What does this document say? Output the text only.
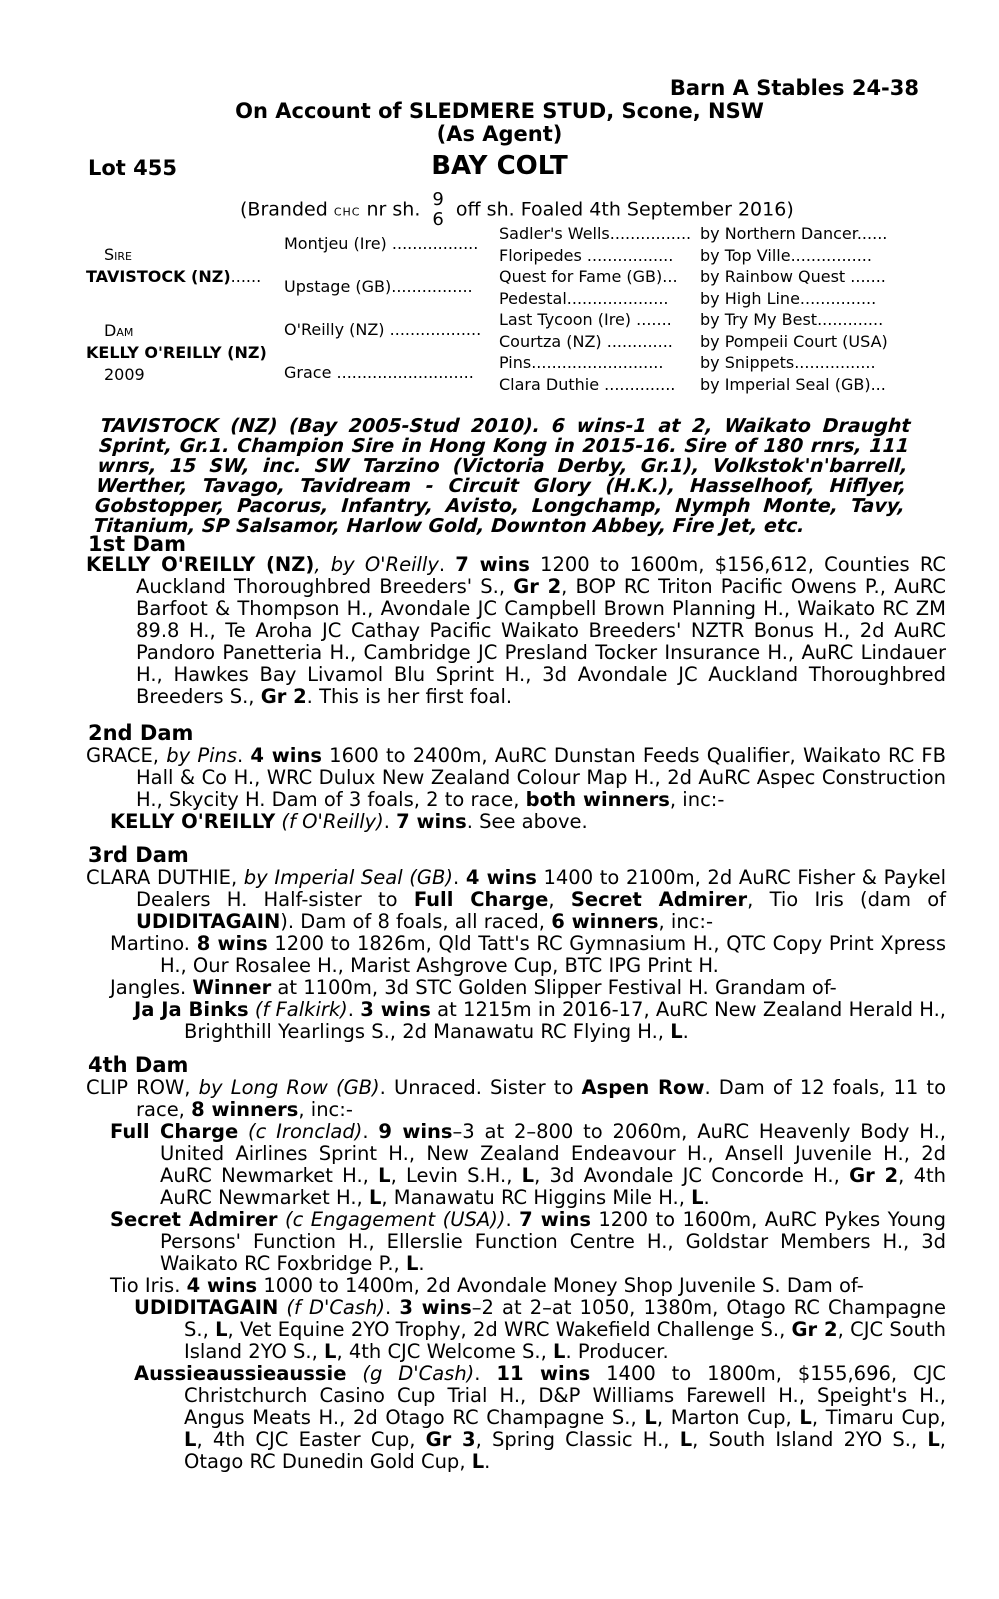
Barn A Stables 24-38
On Account of SLEDMERE STUD, Scone, NSW
(As Agent)
Lot 455	BAY COLT
(Branded CHC nr sh. 9
6 off sh. Foaled 4th September 2016)
Sire
TAVISTOCK (NZ)......
Dam
KELLY O'REILLY (NZ)
2009
Montjeu (Ire) .................
Upstage (GB)................
O'Reilly (NZ) ..................
Grace ...........................
Sadler's Wells................
Floripedes .................
Quest for Fame (GB)...
Pedestal....................
Last Tycoon (Ire) .......
Courtza (NZ) .............
Pins..........................
Clara Duthie ..............
by Northern Dancer......
by Top Ville................
by Rainbow Quest .......
by High Line...............
by Try My Best.............
by Pompeii Court (USA)
by Snippets................
by Imperial Seal (GB)...
TAVISTOCK (NZ) (Bay 2005-Stud 2010). 6 wins-1 at 2, Waikato Draught Sprint, Gr.1. Champion Sire in Hong Kong in 2015-16. Sire of 180 rnrs, 111 wnrs, 15 SW, inc. SW Tarzino (Victoria Derby, Gr.1), Volkstok'n'barrell, Werther, Tavago, Tavidream - Circuit Glory (H.K.), Hasselhoof, Hiflyer, Gobstopper, Pacorus, Infantry, Avisto, Longchamp, Nymph Monte, Tavy, Titanium, SP Salsamor, Harlow Gold, Downton Abbey, Fire Jet, etc.
1st Dam
KELLY O'REILLY (NZ), by O'Reilly. 7 wins 1200 to 1600m, $156,612, Counties RC Auckland Thoroughbred Breeders' S., Gr 2, BOP RC Triton Pacific Owens P., AuRC Barfoot & Thompson H., Avondale JC Campbell Brown Planning H., Waikato RC ZM 89.8 H., Te Aroha JC Cathay Pacific Waikato Breeders' NZTR Bonus H., 2d AuRC Pandoro Panetteria H., Cambridge JC Presland Tocker Insurance H., AuRC Lindauer H., Hawkes Bay Livamol Blu Sprint H., 3d Avondale JC Auckland Thoroughbred Breeders S., Gr 2. This is her first foal.
2nd Dam
GRACE, by Pins. 4 wins 1600 to 2400m, AuRC Dunstan Feeds Qualifier, Waikato RC FB Hall & Co H., WRC Dulux New Zealand Colour Map H., 2d AuRC Aspec Construction H., Skycity H. Dam of 3 foals, 2 to race, both winners, inc:-
KELLY O'REILLY (f O'Reilly). 7 wins. See above.
3rd Dam
CLARA DUTHIE, by Imperial Seal (GB). 4 wins 1400 to 2100m, 2d AuRC Fisher & Paykel Dealers H. Half-sister to Full Charge, Secret Admirer, Tio Iris (dam of UDIDITAGAIN). Dam of 8 foals, all raced, 6 winners, inc:-
Martino. 8 wins 1200 to 1826m, Qld Tatt's RC Gymnasium H., QTC Copy Print Xpress H., Our Rosalee H., Marist Ashgrove Cup, BTC IPG Print H.
Jangles. Winner at 1100m, 3d STC Golden Slipper Festival H. Grandam of-
Ja Ja Binks (f Falkirk). 3 wins at 1215m in 2016-17, AuRC New Zealand Herald H., Brighthill Yearlings S., 2d Manawatu RC Flying H., L.
4th Dam
CLIP ROW, by Long Row (GB). Unraced. Sister to Aspen Row. Dam of 12 foals, 11 to race, 8 winners, inc:-
Full Charge (c Ironclad). 9 wins–3 at 2–800 to 2060m, AuRC Heavenly Body H., United Airlines Sprint H., New Zealand Endeavour H., Ansell Juvenile H., 2d AuRC Newmarket H., L, Levin S.H., L, 3d Avondale JC Concorde H., Gr 2, 4th AuRC Newmarket H., L, Manawatu RC Higgins Mile H., L.
Secret Admirer (c Engagement (USA)). 7 wins 1200 to 1600m, AuRC Pykes Young Persons' Function H., Ellerslie Function Centre H., Goldstar Members H., 3d Waikato RC Foxbridge P., L.
Tio Iris. 4 wins 1000 to 1400m, 2d Avondale Money Shop Juvenile S. Dam of-
UDIDITAGAIN (f D'Cash). 3 wins–2 at 2–at 1050, 1380m, Otago RC Champagne S., L, Vet Equine 2YO Trophy, 2d WRC Wakefield Challenge S., Gr 2, CJC South Island 2YO S., L, 4th CJC Welcome S., L. Producer.
Aussieaussieaussie (g D'Cash). 11 wins 1400 to 1800m, $155,696, CJC Christchurch Casino Cup Trial H., D&P Williams Farewell H., Speight's H., Angus Meats H., 2d Otago RC Champagne S., L, Marton Cup, L, Timaru Cup, L, 4th CJC Easter Cup, Gr 3, Spring Classic H., L, South Island 2YO S., L, Otago RC Dunedin Gold Cup, L.
